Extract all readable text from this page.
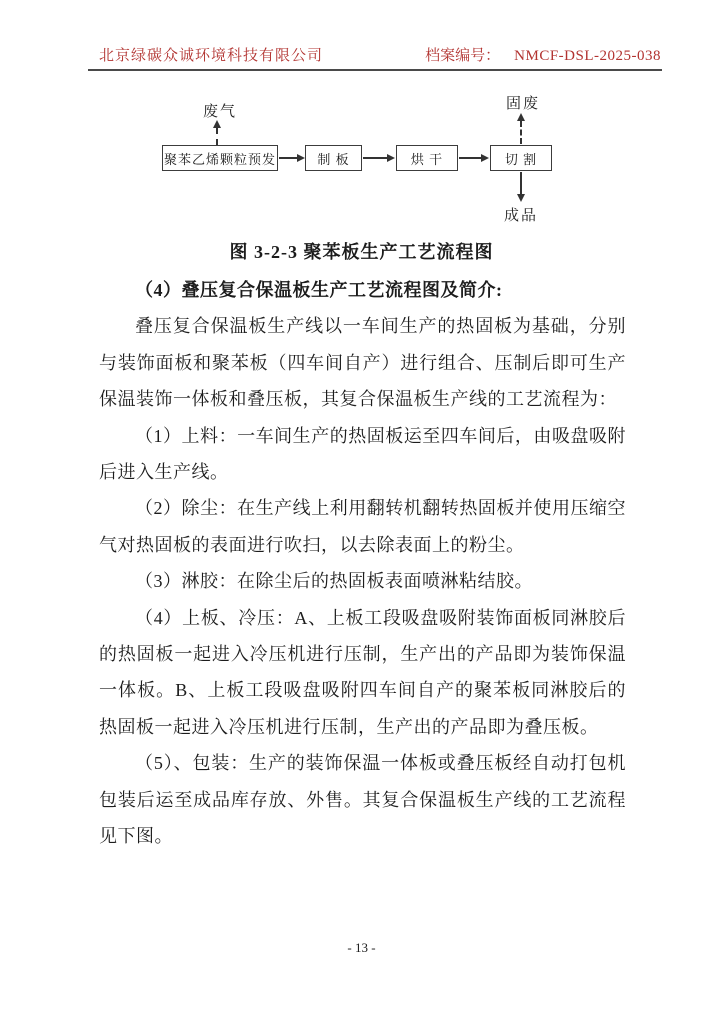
北京绿碳众诚环境科技有限公司	档案编号： NMCF-DSL-2025-038
废气
聚苯乙烯颗粒预发	制 板	烘 干	切 割
固废
成品
图 3-2-3 聚苯板生产工艺流程图

（4）叠压复合保温板生产工艺流程图及简介:

叠压复合保温板生产线以一车间生产的热固板为基础，分别与装饰面板和聚苯板（四车间自产）进行组合、压制后即可生产保温装饰一体板和叠压板，其复合保温板生产线的工艺流程为：

（1）上料：一车间生产的热固板运至四车间后，由吸盘吸附后进入生产线。

（2）除尘：在生产线上利用翻转机翻转热固板并使用压缩空气对热固板的表面进行吹扫，以去除表面上的粉尘。

（3）淋胶：在除尘后的热固板表面喷淋粘结胶。

（4）上板、冷压：A、上板工段吸盘吸附装饰面板同淋胶后的热固板一起进入冷压机进行压制，生产出的产品即为装饰保温一体板。B、上板工段吸盘吸附四车间自产的聚苯板同淋胶后的热固板一起进入冷压机进行压制，生产出的产品即为叠压板。

（5）、包装：生产的装饰保温一体板或叠压板经自动打包机包装后运至成品库存放、外售。其复合保温板生产线的工艺流程见下图。

- 13 -
